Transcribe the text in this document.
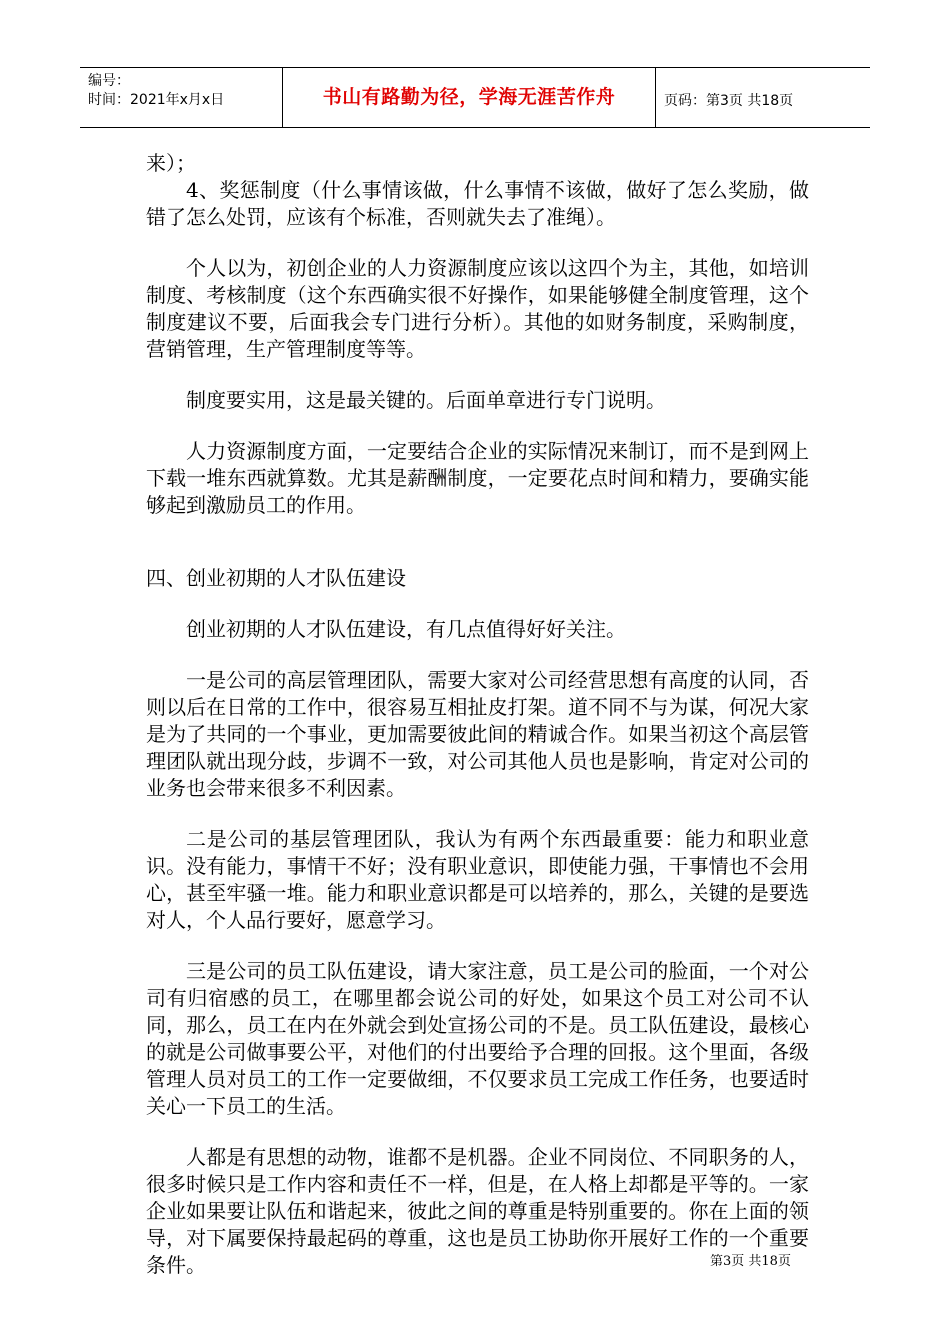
编号：
时间：2021年x月x日	书山有路勤为径，学海无涯苦作舟	页码：第3页 共18页

来）；

4、奖惩制度（什么事情该做，什么事情不该做，做好了怎么奖励，做错了怎么处罚，应该有个标准，否则就失去了准绳）。

个人以为，初创企业的人力资源制度应该以这四个为主，其他，如培训制度、考核制度（这个东西确实很不好操作，如果能够健全制度管理，这个制度建议不要，后面我会专门进行分析）。其他的如财务制度，采购制度，营销管理，生产管理制度等等。

制度要实用，这是最关键的。后面单章进行专门说明。

人力资源制度方面，一定要结合企业的实际情况来制订，而不是到网上下载一堆东西就算数。尤其是薪酬制度，一定要花点时间和精力，要确实能够起到激励员工的作用。

四、创业初期的人才队伍建设

创业初期的人才队伍建设，有几点值得好好关注。

一是公司的高层管理团队，需要大家对公司经营思想有高度的认同，否则以后在日常的工作中，很容易互相扯皮打架。道不同不与为谋，何况大家是为了共同的一个事业，更加需要彼此间的精诚合作。如果当初这个高层管理团队就出现分歧，步调不一致，对公司其他人员也是影响，肯定对公司的业务也会带来很多不利因素。

二是公司的基层管理团队，我认为有两个东西最重要：能力和职业意识。没有能力，事情干不好；没有职业意识，即使能力强，干事情也不会用心，甚至牢骚一堆。能力和职业意识都是可以培养的，那么，关键的是要选对人，个人品行要好，愿意学习。

三是公司的员工队伍建设，请大家注意，员工是公司的脸面，一个对公司有归宿感的员工，在哪里都会说公司的好处，如果这个员工对公司不认同，那么，员工在内在外就会到处宣扬公司的不是。员工队伍建设，最核心的就是公司做事要公平，对他们的付出要给予合理的回报。这个里面，各级管理人员对员工的工作一定要做细，不仅要求员工完成工作任务，也要适时关心一下员工的生活。

人都是有思想的动物，谁都不是机器。企业不同岗位、不同职务的人，很多时候只是工作内容和责任不一样，但是，在人格上却都是平等的。一家企业如果要让队伍和谐起来，彼此之间的尊重是特别重要的。你在上面的领导，对下属要保持最起码的尊重，这也是员工协助你开展好工作的一个重要条件。	第3页 共18页
